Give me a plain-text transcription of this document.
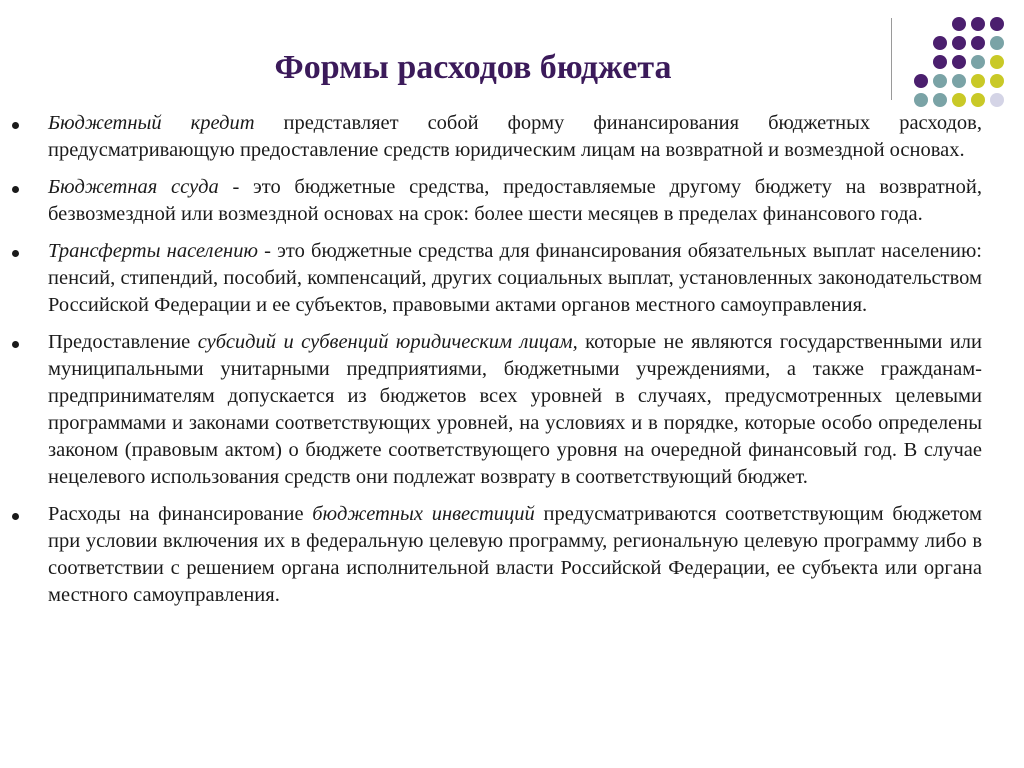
Формы расходов бюджета
Бюджетный кредит представляет собой форму финансирования бюджетных расходов, предусматривающую предоставление средств юридическим лицам на возвратной и возмездной основах.
Бюджетная ссуда - это бюджетные средства, предоставляемые другому бюджету на возвратной, безвозмездной или возмездной основах на срок: более шести месяцев в пределах финансового года.
Трансферты населению - это бюджетные средства для финансирования обязательных выплат населению: пенсий, стипендий, пособий, компенсаций, других социальных выплат, установленных законодательством Российской Федерации и ее субъектов, правовыми актами органов местного самоуправления.
Предоставление субсидий и субвенций юридическим лицам, которые не являются государственными или муниципальными унитарными предприятиями, бюджетными учреждениями, а также гражданам-предпринимателям допускается из бюджетов всех уровней в случаях, предусмотренных целевыми программами и законами соответствующих уровней, на условиях и в порядке, которые особо определены законом (правовым актом) о бюджете соответствующего уровня на очередной финансовый год. В случае нецелевого использования средств они подлежат возврату в соответствующий бюджет.
Расходы на финансирование бюджетных инвестиций предусматриваются соответствующим бюджетом при условии включения их в федеральную целевую программу, региональную целевую программу либо в соответствии с решением органа исполнительной власти Российской Федерации, ее субъекта или органа местного самоуправления.
